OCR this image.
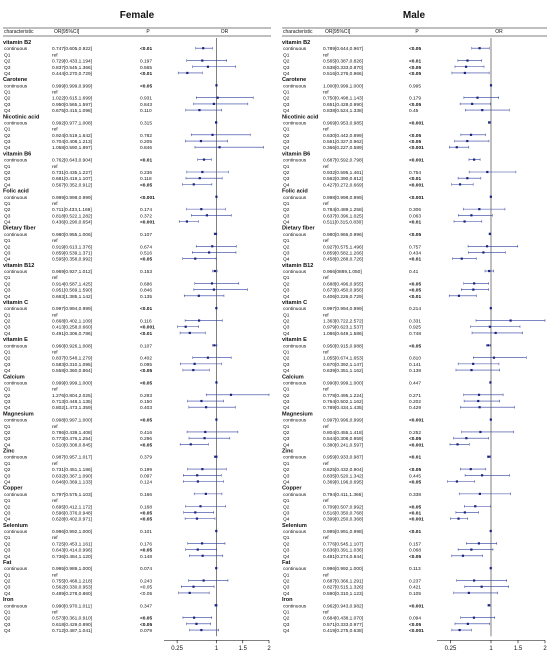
Female
characteristic	OR[95%CI]	P	OR
vitamin B2
continuous	0.747[0.605,0.922]	<0.01
Q1	ref
Q2	0.729[0.433,1.194]	0.197
Q3	0.837[0.545,1.366]	0.565
Q4	0.444[0.270,0.729]	<0.01
Carotene
continuous	0.999[0.999,0.999]	<0.05
Q1	ref
Q2	1.022[0.615,1.699]	0.931
Q3	0.950[0.565,1.597]	0.843
Q4	0.675[0.415,1.098]	0.110
Nicotinic acid
continuous	0.992[0.977,1.008]	0.315
Q1	ref
Q2	0.924[0.519,1.642]	0.782
Q3	0.704[0.408,1.213]	0.205
Q4	1.058[0.590,1.897]	0.846
vitamin B6
continuous	0.762[0.643,0.904]	<0.01
Q1	ref
Q2	0.731[0.435,1.227]	0.236
Q3	0.681[0.419,1.107]	0.118
Q4	0.567[0.352,0.912]	<0.05
Folic acid
continuous	0.999[0.998,0.999]	<0.001
Q1	ref
Q2	0.711[0.433,1.169]	0.174
Q3	0.818[0.522,1.282]	0.372
Q4	0.436[0.290,0.654]	<0.001
Dietary fiber
continuous	0.980[0.955,1.006]	0.107
Q1	ref
Q2	0.919[0.613,1.376]	0.674
Q3	0.859[0.539,1.371]	0.516
Q4	0.595[0.358,0.992]	<0.05
vitamin B12
continuous	0.969[0.927,1.012]	0.153
Q1	ref
Q2	0.914[0.587,1.425]	0.686
Q3	0.951[0.569,1.590]	0.846
Q4	0.663[1.385,1.142]	0.135
vitamin C
continuous	0.997[0.994,0.999]	<0.01
Q1	ref
Q2	0.668[0.402,1.109]	0.116
Q3	0.413[0.258,0.660]	<0.001
Q4	0.491[0.306,0.786]	<0.01
vitamin E
continuous	0.960[0.926,1.008]	0.107
Q1	ref
Q2	0.837[0.548,1.279]	0.402
Q3	0.583[0.310,1.095]	0.095
Q4	0.558[0.360,0.864]	<0.05
Calcium
continuous	0.999[0.999,1.000]	<0.05
Q1	ref
Q2	1.276[0.804,2.025]	0.293
Q3	0.713[0.448,1.135]	0.150
Q4	0.802[1.473,1.359]	0.403
Magnesium
continuous	0.998[0.997,1.000]	<0.05
Q1	ref
Q2	0.786[0.439,1.408]	0.416
Q3	0.773[0.476,1.254]	0.296
Q4	0.510[0.308,0.845]	<0.05
Zinc
continuous	0.987[0.957,1.017]	0.379
Q1	ref
Q2	0.731[0.451,1.186]	0.199
Q3	0.632[0.367,1.090]	0.097
Q4	0.646[0.369,1.133]	0.124
Copper
continuous	0.797[0.575,1.103]	0.166
Q1	ref
Q2	0.695[0.412,1.172]	0.168
Q3	0.596[0.376,0.948]	<0.05
Q4	0.628[0.402,0.971]	<0.05
Selenium
continuous	0.996[0.992,1.000]	0.101
Q1	ref
Q2	0.725[0.453,1.161]	0.176
Q3	0.643[0.414,0.996]	<0.05
Q4	0.736[0.484,1.120]	0.148
Fat
continuous	0.995[0.989,1.000]	0.074
Q1	ref
Q2	0.755[0.468,1.218]	0.243
Q3	0.562[0.330,0.953]	<0.05
Q4	0.489[0.278,0.860]	<0.05
Iron
continuous	0.990[0.970,1.011]	0.347
Q1	ref
Q2	0.573[0.361,0.910]	<0.05
Q3	0.618[0.429,0.890]	<0.05
Q4	0.712[0.487,1.041]	0.079
0.25	1	1.5	2
Male
characteristic	OR[95%CI]	P	OR
vitamin B2
continuous	0.789[0.644,0.967]	<0.05
Q1	ref
Q2	0.565[0.387,0.826]	<0.01
Q3	0.538[0.333,0.870]	<0.05
Q4	0.516[0.276,0.966]	<0.05
Carotene
continuous	1.000[0.999,1.000]	0.995
Q1	ref
Q2	0.750[0.498,1.143]	0.179
Q3	0.651[0.428,0.990]	<0.05
Q4	0.838[0.524,1.338]	0.45
Nicotinic acid
continuous	0.969[0.953,0.985]	<0.001
Q1	ref
Q2	0.630[0.442,0.899]	<0.05
Q3	0.561[0.327,0.962]	<0.05
Q4	0.366[0.227,0.589]	<0.001
vitamin B6
continuous	0.687[0.592,0.798]	<0.001
Q1	ref
Q2	0.932[0.595,1.461]	0.754
Q3	0.562[0.390,0.812]	<0.01
Q4	0.427[0.272,0.669]	<0.001
Folic acid
continuous	0.998[0.998,0.999]	<0.001
Q1	ref
Q2	0.784[0.489,1.258]	0.306
Q3	0.637[0.396,1.025]	0.063
Q4	0.511[0.315,0.830]	<0.01
Dietary fiber
continuous	0.980[0.966,0.996]	<0.05
Q1	ref
Q2	0.927[0.575,1.496]	0.757
Q3	0.859[0.582,1.266]	0.434
Q4	0.458[0.288,0.726]	<0.01
vitamin B12
continuous	0.966[0889,1.050]	0.41
Q1	ref
Q2	0.688[0.496,0.955]	<0.05
Q3	0.673[0.450,0.956]	<0.05
Q4	0.406[0.226,0.729]	<0.01
vitamin C
continuous	0.997[0.994,0.999]	0.214
Q1	ref
Q2	1.363[0.722,2.572]	0.331
Q3	0.979[0.623,1.537]	0.925
Q4	1.086[0.649,1.586]	0.748
vitamin E
continuous	0.950[0.915,0.988]	<0.05
Q1	ref
Q2	1.055[0.674,1.653]	0.810
Q3	0.670[0.392,1.147]	0.141
Q4	0.639[0.351,1.162]	0.138
Calcium
continuous	0.990[0.999,1.000]	0.447
Q1	ref
Q2	0.778[0.495,1.224]	0.271
Q3	0.764[0.502,1.162]	0.202
Q4	0.789[0.434,1.435]	0.429
Magnesium
continuous	0.997[0.996,0.999]	<0.001
Q1	ref
Q2	0.804[0.455,1.418]	0.252
Q3	0.544[0.308,0.959]	<0.05
Q4	0.380[0.241,0.597]	<0.001
Zinc
continuous	0.959[0.933,0.987]	<0.01
Q1	ref
Q2	0.625[0.432,0.904]	<0.05
Q3	0.835[0.520,1.342]	0.445
Q4	0.369[0.196,0.695]	<0.05
Copper
continuous	0.794[0.411,1.366]	0.338
Q1	ref
Q2	0.709[0.507,0.992]	<0.05
Q3	0.516[0.350,0.768]	<0.01
Q4	0.399[0.250,0.368]	<0.001
Selenium
continuous	0.995[0.991,0.998]	<0.01
Q1	ref
Q2	0.776[0.545,1.107]	0.157
Q3	0.636[0.391,1.036]	0.068
Q4	0.481[0.274,0.844]	<0.05
Fat
continuous	0.996[0.992,1.000]	0.113
Q1	ref
Q2	0.687[0.366,1.291]	0.237
Q3	0.827[0.515,1.326]	0.421
Q4	0.590[0.310,1.123]	0.105
Iron
continuous	0.962[0.943,0.982]	<0.001
Q1	ref
Q2	0.684[0.438,1.070]	0.094
Q3	0.571[0.333,0.977]	<0.05
Q4	0.419[0.275,0.638]	<0.001
0.25	1	1.5	2
